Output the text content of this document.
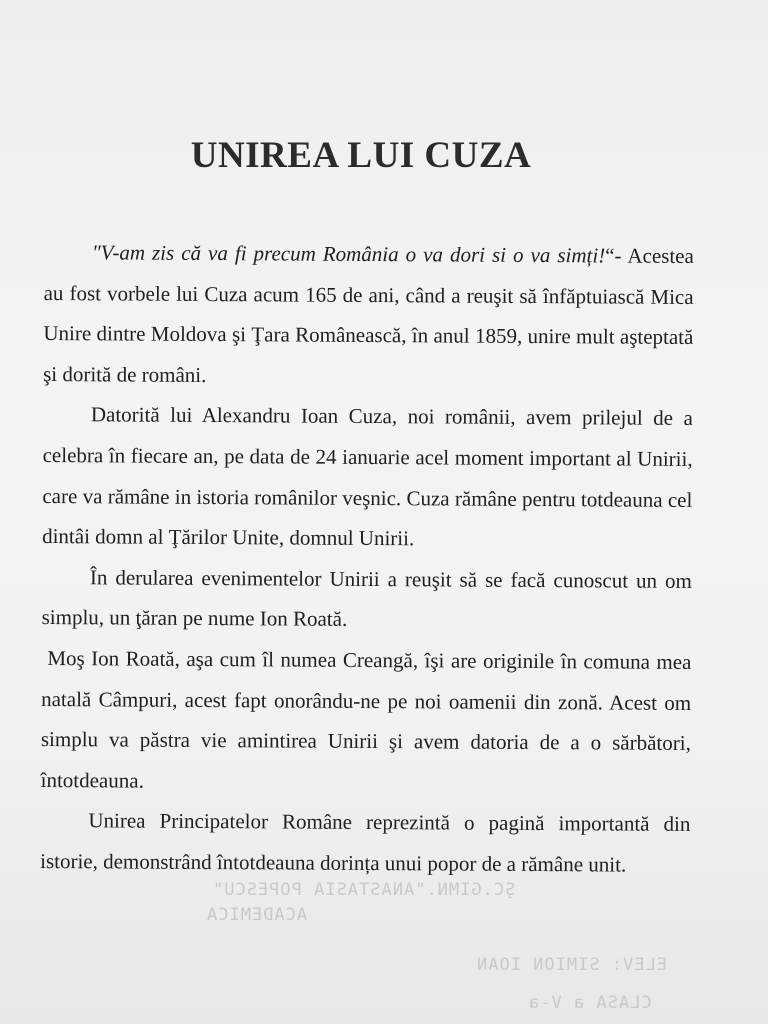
UNIREA LUI CUZA

"V-am zis că va fi precum România o va dori si o va simți!“- Acestea au fost vorbele lui Cuza acum 165 de ani, când a reuşit să înfăptuiască Mica Unire dintre Moldova şi Ţara Românească, în anul 1859, unire mult aşteptată şi dorită de români.

Datorită lui Alexandru Ioan Cuza, noi românii, avem prilejul de a celebra în fiecare an, pe data de 24 ianuarie acel moment important al Unirii, care va rămâne in istoria românilor veşnic. Cuza rămâne pentru totdeauna cel dintâi domn al Ţărilor Unite, domnul Unirii.

În derularea evenimentelor Unirii a reuşit să se facă cunoscut un om simplu, un ţăran pe nume Ion Roată.

Moş Ion Roată, aşa cum îl numea Creangă, îşi are originile în comuna mea natală Câmpuri, acest fapt onorându-ne pe noi oamenii din zonă. Acest om simplu va păstra vie amintirea Unirii şi avem datoria de a o sărbători, întotdeauna.

Unirea Principatelor Române reprezintă o pagină importantă din istorie, demonstrând întotdeauna dorința unui popor de a rămâne unit.

ŞC.GIMN."ANASTASIA POPESCU"
ACADEMICA
ELEV: SIMION IOAN
CLASA a V-a
